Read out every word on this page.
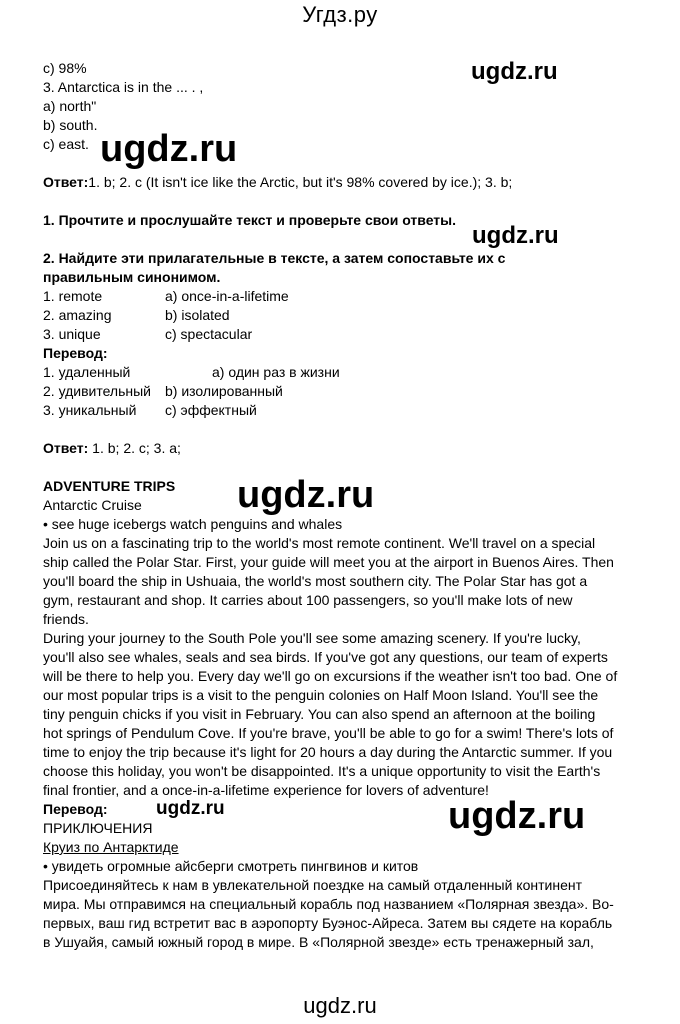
Угдз.ру
c) 98%
3. Antarctica is in the ... . ,
a) north"
b) south.
c) east.
Ответ:1. b; 2. c (It isn't ice like the Arctic, but it's 98% covered by ice.); 3. b;
1. Прочтите и прослушайте текст и проверьте свои ответы.
2. Найдите эти прилагательные в тексте, а затем сопоставьте их с
правильным синонимом.
1. remote	a) once-in-a-lifetime
2. amazing	b) isolated
3. unique	c) spectacular
Перевод:
1. удаленный	а) один раз в жизни
2. удивительный b) изолированный
3. уникальный c) эффектный
Ответ: 1. b; 2. c; 3. a;
ADVENTURE TRIPS
Antarctic Cruise
• see huge icebergs watch penguins and whales
Join us on a fascinating trip to the world's most remote continent. We'll travel on a special
ship called the Polar Star. First, your guide will meet you at the airport in Buenos Aires. Then
you'll board the ship in Ushuaia, the world's most southern city. The Polar Star has got a
gym, restaurant and shop. It carries about 100 passengers, so you'll make lots of new
friends.
During your journey to the South Pole you'll see some amazing scenery. If you're lucky,
you'll also see whales, seals and sea birds. If you've got any questions, our team of experts
will be there to help you. Every day we'll go on excursions if the weather isn't too bad. One of
our most popular trips is a visit to the penguin colonies on Half Moon Island. You'll see the
tiny penguin chicks if you visit in February. You can also spend an afternoon at the boiling
hot springs of Pendulum Cove. If you're brave, you'll be able to go for a swim! There's lots of
time to enjoy the trip because it's light for 20 hours a day during the Antarctic summer. If you
choose this holiday, you won't be disappointed. It's a unique opportunity to visit the Earth's
final frontier, and a once-in-a-lifetime experience for lovers of adventure!
Перевод:
ПРИКЛЮЧЕНИЯ
Круиз по Антарктиде
• увидеть огромные айсберги смотреть пингвинов и китов
Присоединяйтесь к нам в увлекательной поездке на самый отдаленный континент
мира. Мы отправимся на специальный корабль под названием «Полярная звезда». Во-
первых, ваш гид встретит вас в аэропорту Буэнос-Айреса. Затем вы сядете на корабль
в Ушуайя, самый южный город в мире. В «Полярной звезде» есть тренажерный зал,
ugdz.ru
ugdz.ru
ugdz.ru
ugdz.ru
ugdz.ru	ugdz.ru
ugdz.ru
